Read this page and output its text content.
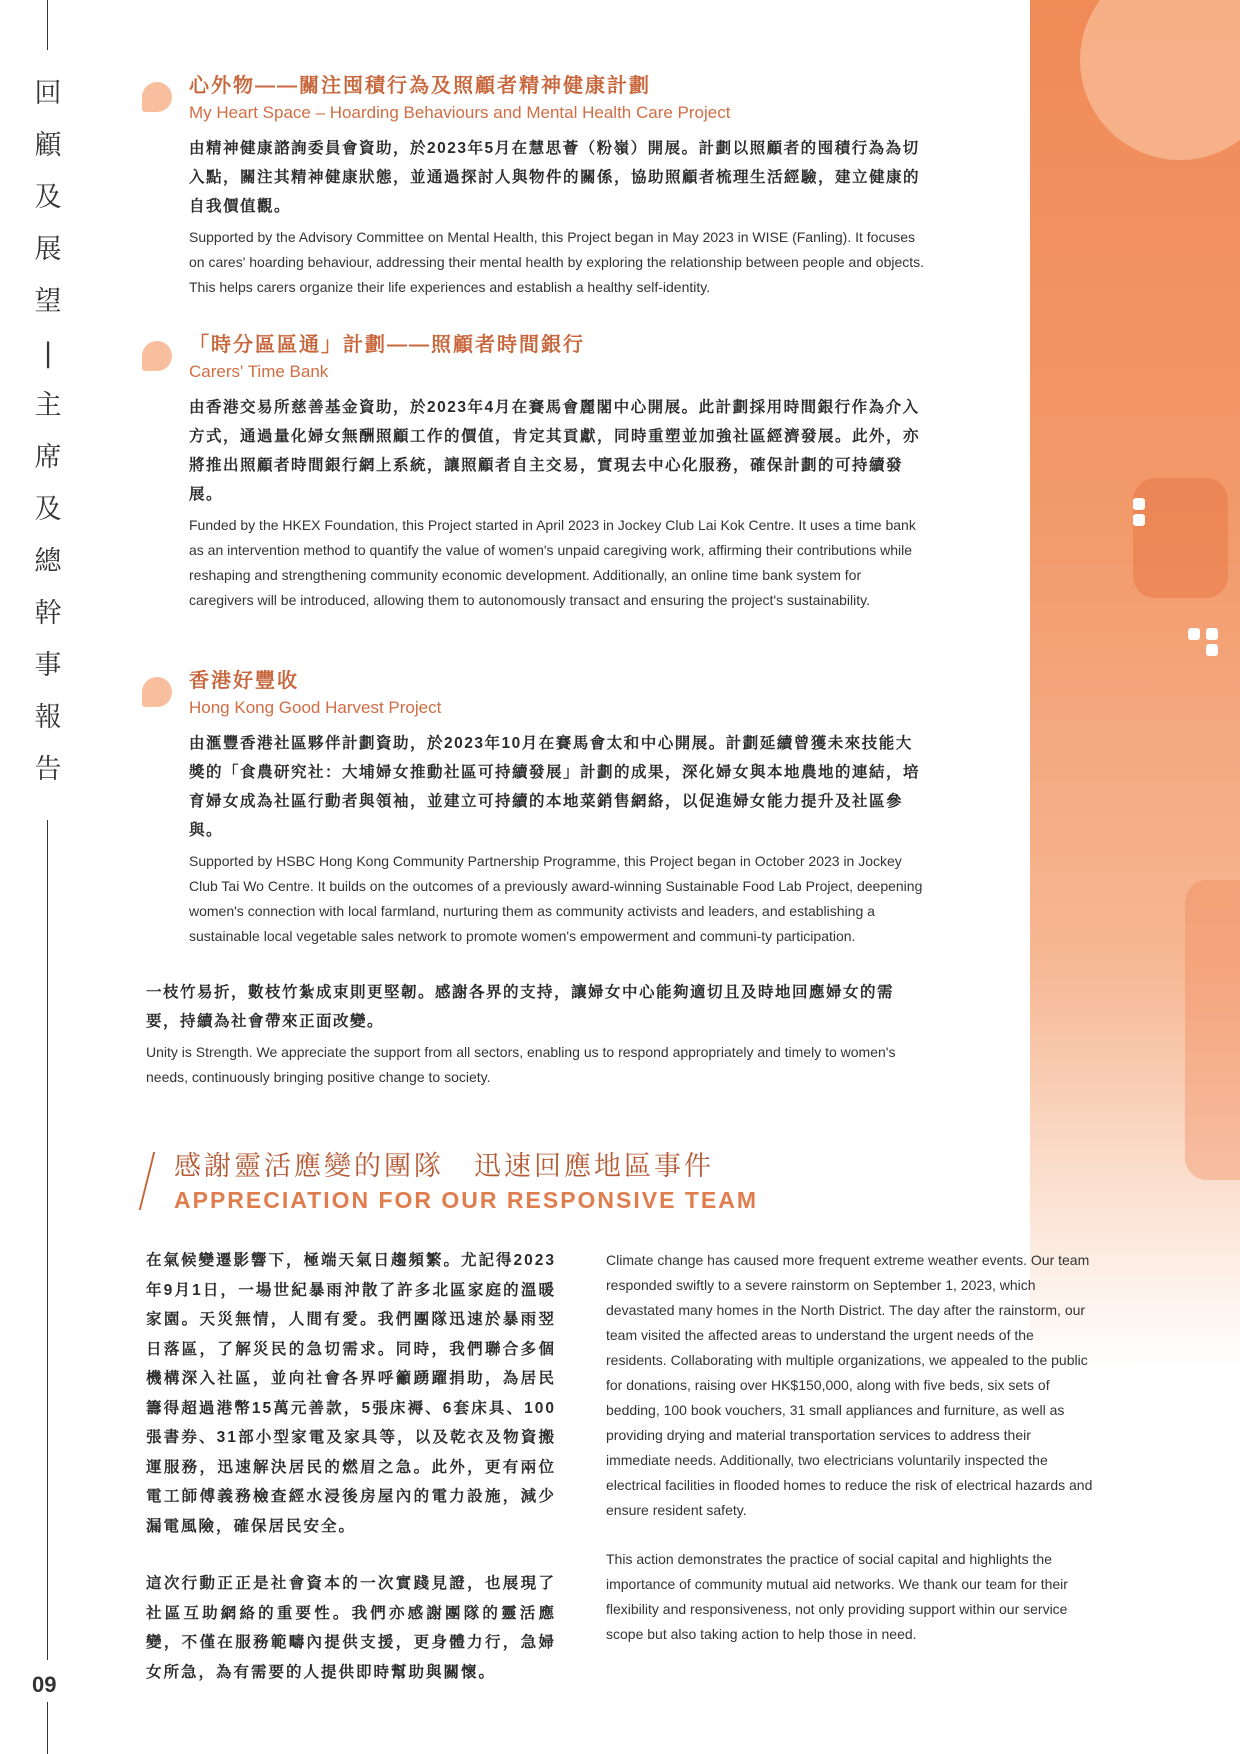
回
顧
及
展
望
|
主
席
及
總
幹
事
報
告
09
心外物——關注囤積行為及照顧者精神健康計劃
My Heart Space – Hoarding Behaviours and Mental Health Care Project
由精神健康諮詢委員會資助，於2023年5月在慧思薈（粉嶺）開展。計劃以照顧者的囤積行為為切入點，關注其精神健康狀態，並通過探討人與物件的關係，協助照顧者梳理生活經驗，建立健康的自我價值觀。
Supported by the Advisory Committee on Mental Health, this Project began in May 2023 in WISE (Fanling). It focuses on cares' hoarding behaviour, addressing their mental health by exploring the relationship between people and objects. This helps carers organize their life experiences and establish a healthy self-identity.
「時分區區通」計劃——照顧者時間銀行
Carers' Time Bank
由香港交易所慈善基金資助，於2023年4月在賽馬會麗閣中心開展。此計劃採用時間銀行作為介入方式，通過量化婦女無酬照顧工作的價值，肯定其貢獻，同時重塑並加強社區經濟發展。此外，亦將推出照顧者時間銀行網上系統，讓照顧者自主交易，實現去中心化服務，確保計劃的可持續發展。
Funded by the HKEX Foundation, this Project started in April 2023 in Jockey Club Lai Kok Centre. It uses a time bank as an intervention method to quantify the value of women's unpaid caregiving work, affirming their contributions while reshaping and strengthening community economic development. Additionally, an online time bank system for caregivers will be introduced, allowing them to autonomously transact and ensuring the project's sustainability.
香港好豐收
Hong Kong Good Harvest Project
由滙豐香港社區夥伴計劃資助，於2023年10月在賽馬會太和中心開展。計劃延續曾獲未來技能大獎的「食農研究社：大埔婦女推動社區可持續發展」計劃的成果，深化婦女與本地農地的連結，培育婦女成為社區行動者與領袖，並建立可持續的本地菜銷售網絡，以促進婦女能力提升及社區參與。
Supported by HSBC Hong Kong Community Partnership Programme, this Project began in October 2023 in Jockey Club Tai Wo Centre. It builds on the outcomes of a previously award-winning Sustainable Food Lab Project, deepening women's connection with local farmland, nurturing them as community activists and leaders, and establishing a sustainable local vegetable sales network to promote women's empowerment and communi-ty participation.
一枝竹易折，數枝竹紮成束則更堅韌。感謝各界的支持，讓婦女中心能夠適切且及時地回應婦女的需要，持續為社會帶來正面改變。
Unity is Strength. We appreciate the support from all sectors, enabling us to respond appropriately and timely to women's needs, continuously bringing positive change to society.
感謝靈活應變的團隊　迅速回應地區事件
APPRECIATION FOR OUR RESPONSIVE TEAM

在氣候變遷影響下，極端天氣日趨頻繁。尤記得2023年9月1日，一場世紀暴雨沖散了許多北區家庭的溫暖家園。天災無情，人間有愛。我們團隊迅速於暴雨翌日落區，了解災民的急切需求。同時，我們聯合多個機構深入社區，並向社會各界呼籲踴躍捐助，為居民籌得超過港幣15萬元善款，5張床褥、6套床具、100張書券、31部小型家電及家具等，以及乾衣及物資搬運服務，迅速解決居民的燃眉之急。此外，更有兩位電工師傅義務檢查經水浸後房屋內的電力設施，減少漏電風險，確保居民安全。

這次行動正正是社會資本的一次實踐見證，也展現了社區互助網絡的重要性。我們亦感謝團隊的靈活應變，不僅在服務範疇內提供支援，更身體力行，急婦女所急，為有需要的人提供即時幫助與關懷。

Climate change has caused more frequent extreme weather events. Our team responded swiftly to a severe rainstorm on September 1, 2023, which devastated many homes in the North District. The day after the rainstorm, our team visited the affected areas to understand the urgent needs of the residents. Collaborating with multiple organizations, we appealed to the public for donations, raising over HK$150,000, along with five beds, six sets of bedding, 100 book vouchers, 31 small appliances and furniture, as well as providing drying and material transportation services to address their immediate needs. Additionally, two electricians voluntarily inspected the electrical facilities in flooded homes to reduce the risk of electrical hazards and ensure resident safety.

This action demonstrates the practice of social capital and highlights the importance of community mutual aid networks. We thank our team for their flexibility and responsiveness, not only providing support within our service scope but also taking action to help those in need.
